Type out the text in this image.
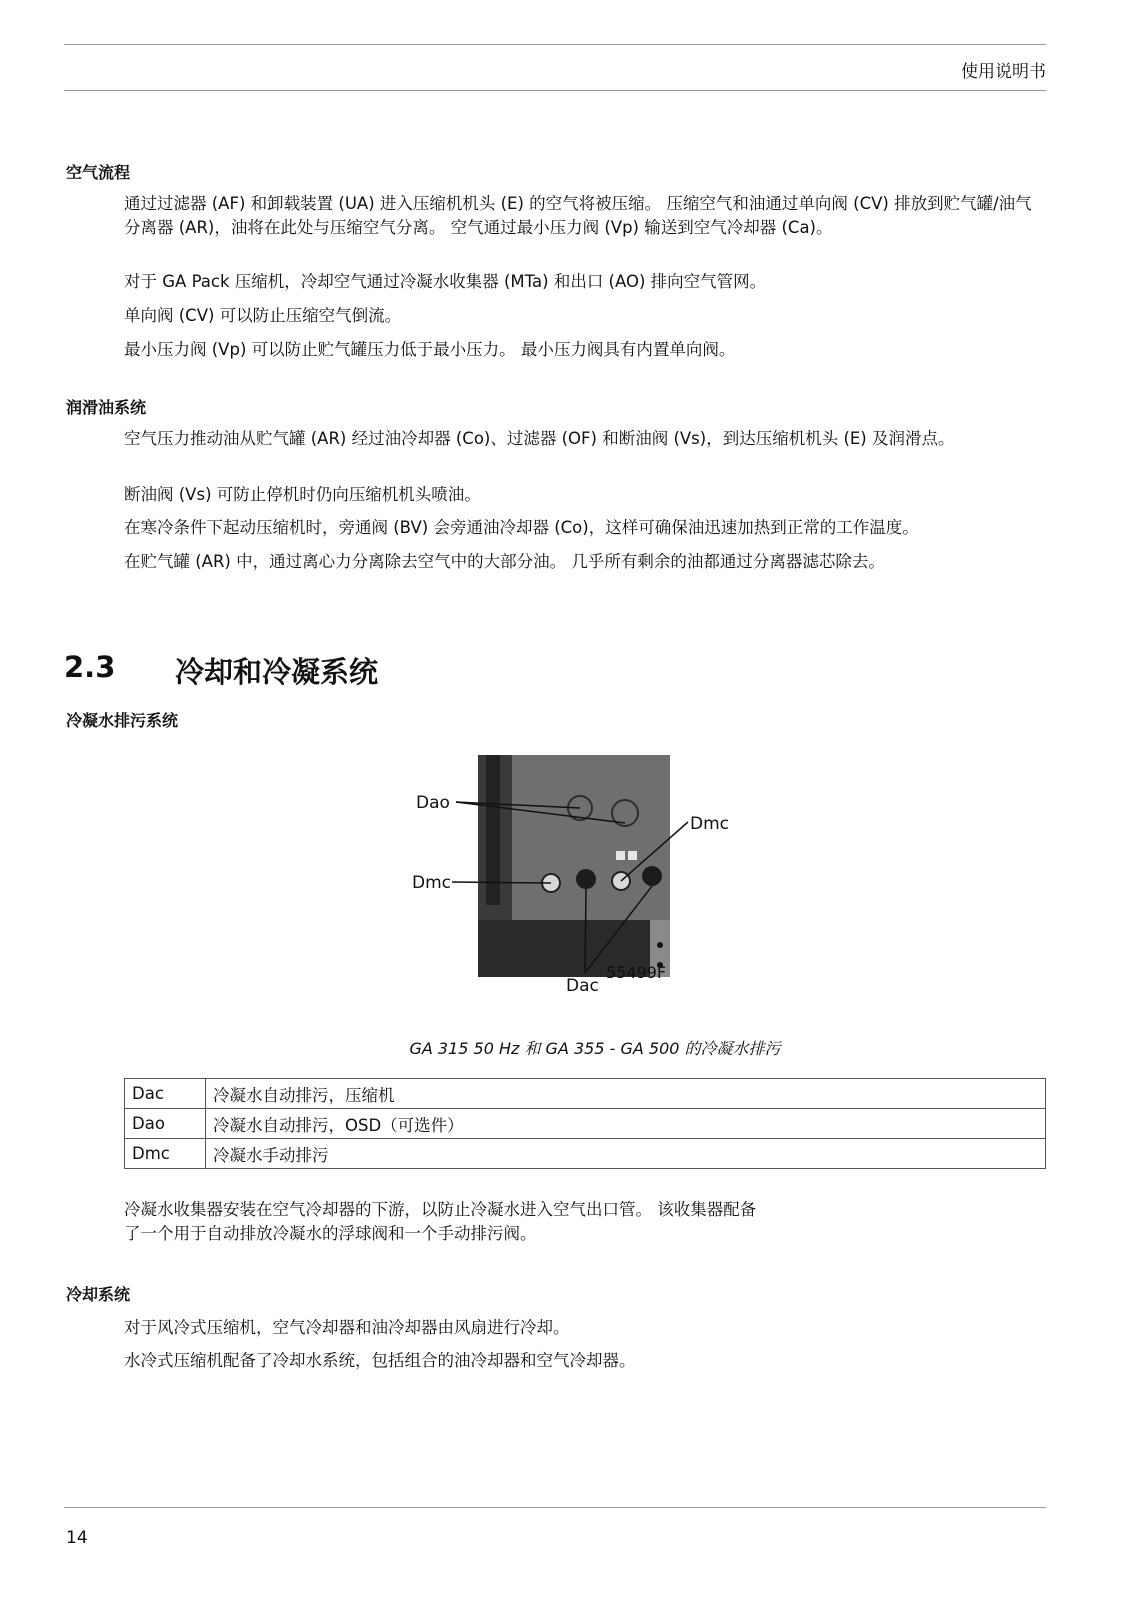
使用说明书
空气流程
通过过滤器 (AF) 和卸载装置 (UA) 进入压缩机机头 (E) 的空气将被压缩。 压缩空气和油通过单向阀 (CV) 排放到贮气罐/油气分离器 (AR)，油将在此处与压缩空气分离。 空气通过最小压力阀 (Vp) 输送到空气冷却器 (Ca)。
对于 GA Pack 压缩机，冷却空气通过冷凝水收集器 (MTa) 和出口 (AO) 排向空气管网。
单向阀 (CV) 可以防止压缩空气倒流。
最小压力阀 (Vp) 可以防止贮气罐压力低于最小压力。 最小压力阀具有内置单向阀。
润滑油系统
空气压力推动油从贮气罐 (AR) 经过油冷却器 (Co)、过滤器 (OF) 和断油阀 (Vs)，到达压缩机机头 (E) 及润滑点。
断油阀 (Vs) 可防止停机时仍向压缩机机头喷油。
在寒冷条件下起动压缩机时，旁通阀 (BV) 会旁通油冷却器 (Co)，这样可确保油迅速加热到正常的工作温度。
在贮气罐 (AR) 中，通过离心力分离除去空气中的大部分油。 几乎所有剩余的油都通过分离器滤芯除去。
2.3 冷却和冷凝系统
冷凝水排污系统
Dao
Dmc
Dmc
Dac
55499F
GA 315 50 Hz 和 GA 355 - GA 500 的冷凝水排污
Dac	冷凝水自动排污，压缩机
Dao	冷凝水自动排污，OSD（可选件）
Dmc	冷凝水手动排污
冷凝水收集器安装在空气冷却器的下游，以防止冷凝水进入空气出口管。 该收集器配备了一个用于自动排放冷凝水的浮球阀和一个手动排污阀。
冷却系统
对于风冷式压缩机，空气冷却器和油冷却器由风扇进行冷却。
水冷式压缩机配备了冷却水系统，包括组合的油冷却器和空气冷却器。
14
